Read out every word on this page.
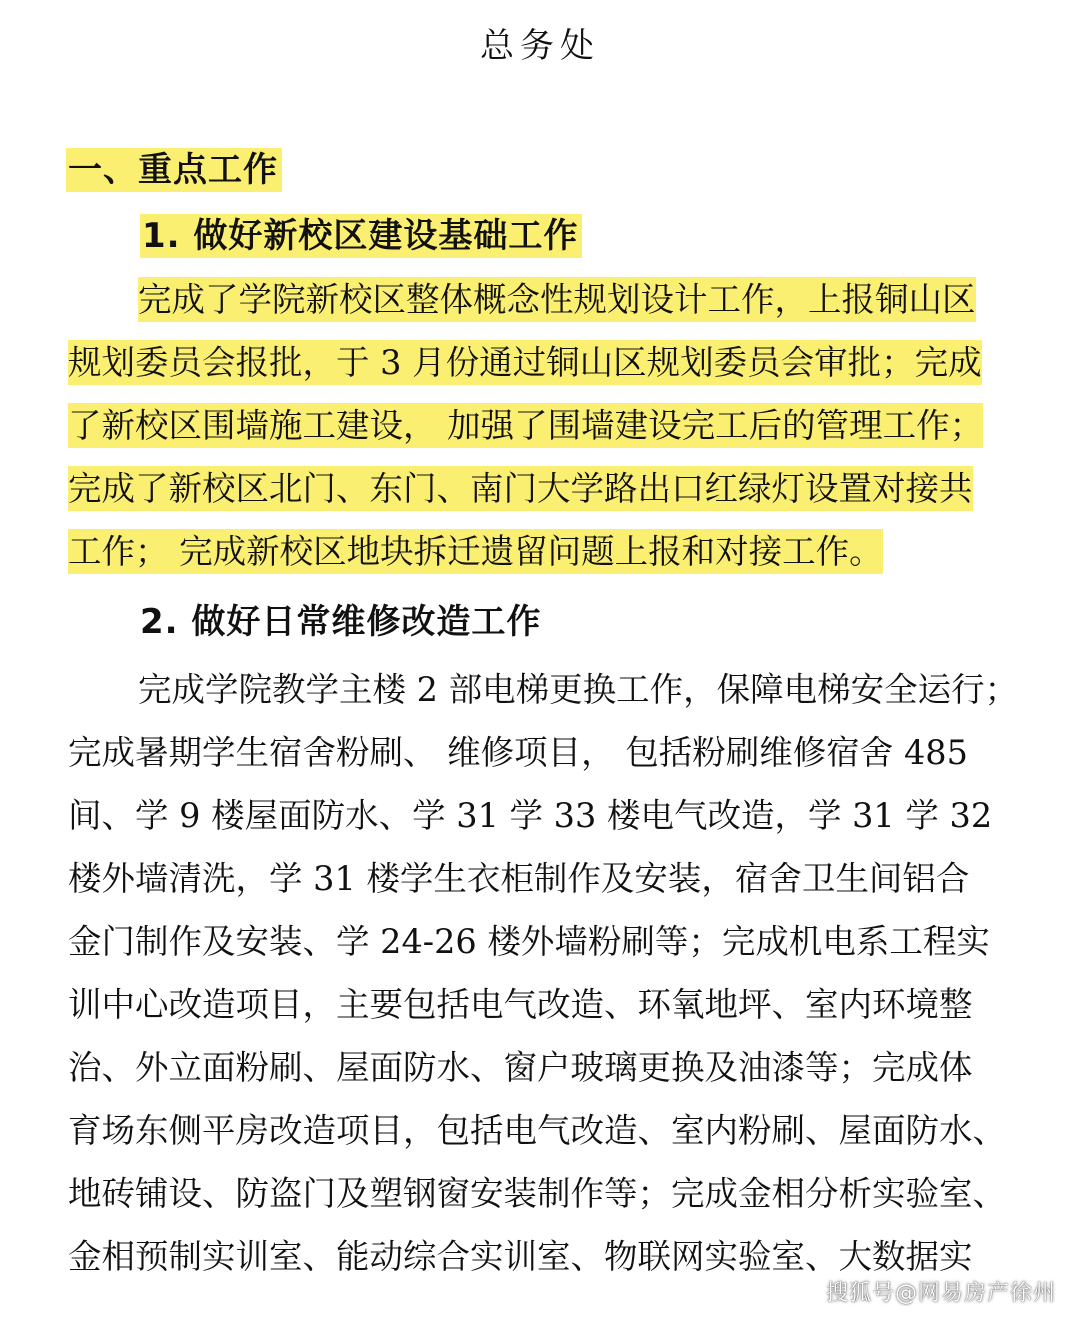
总务处
一、重点工作
1. 做好新校区建设基础工作
完成了学院新校区整体概念性规划设计工作，上报铜山区
规划委员会报批，于 3 月份通过铜山区规划委员会审批；完成
了新校区围墙施工建设， 加强了围墙建设完工后的管理工作；
完成了新校区北门、东门、南门大学路出口红绿灯设置对接共
工作； 完成新校区地块拆迁遗留问题上报和对接工作。
2. 做好日常维修改造工作
完成学院教学主楼 2 部电梯更换工作，保障电梯安全运行；
完成暑期学生宿舍粉刷、 维修项目， 包括粉刷维修宿舍 485
间、学 9 楼屋面防水、学 31 学 33 楼电气改造，学 31 学 32
楼外墙清洗，学 31 楼学生衣柜制作及安装，宿舍卫生间铝合
金门制作及安装、学 24-26 楼外墙粉刷等；完成机电系工程实
训中心改造项目，主要包括电气改造、环氧地坪、室内环境整
治、外立面粉刷、屋面防水、窗户玻璃更换及油漆等；完成体
育场东侧平房改造项目，包括电气改造、室内粉刷、屋面防水、
地砖铺设、防盗门及塑钢窗安装制作等；完成金相分析实验室、
金相预制实训室、能动综合实训室、物联网实验室、大数据实
搜狐号@网易房产徐州
